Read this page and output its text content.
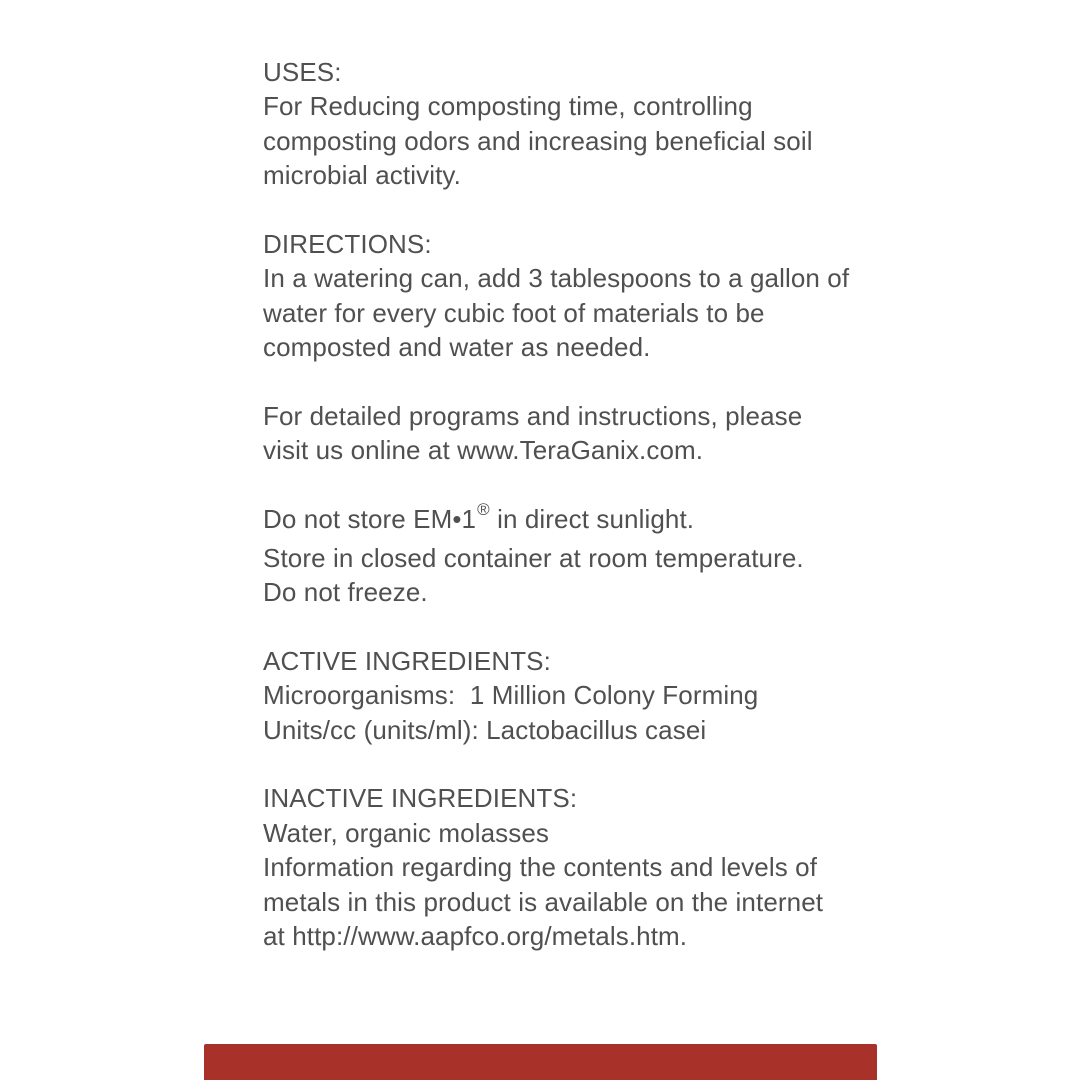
USES:
For Reducing composting time, controlling
composting odors and increasing beneficial soil
microbial activity.
DIRECTIONS:
In a watering can, add 3 tablespoons to a gallon of
water for every cubic foot of materials to be
composted and water as needed.
For detailed programs and instructions, please
visit us online at www.TeraGanix.com.
Do not store EM•1® in direct sunlight.
Store in closed container at room temperature.
Do not freeze.
ACTIVE INGREDIENTS:
Microorganisms:  1 Million Colony Forming
Units/cc (units/ml): Lactobacillus casei
INACTIVE INGREDIENTS:
Water, organic molasses
Information regarding the contents and levels of
metals in this product is available on the internet
at http://www.aapfco.org/metals.htm.
